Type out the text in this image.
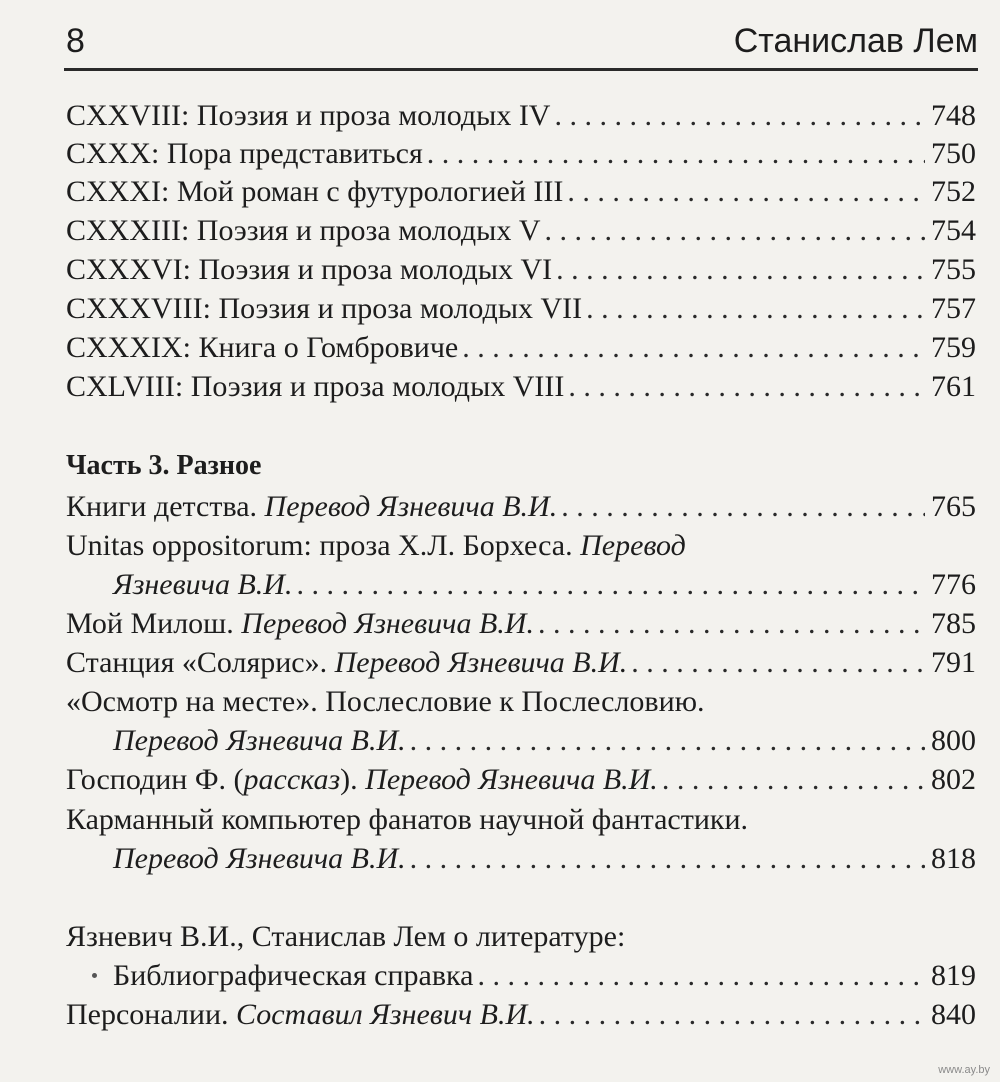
8	Станислав Лем
CXXVIII: Поэзия и проза молодых IV . . .	748
CXXX: Пора представиться . . .	750
CXXXI: Мой роман с футурологией III . . .	752
CXXXIII: Поэзия и проза молодых V . . .	754
CXXXVI: Поэзия и проза молодых VI . . .	755
CXXXVIII: Поэзия и проза молодых VII . . .	757
CXXXIX: Книга о Гомбровиче . . .	759
CXLVIII: Поэзия и проза молодых VIII . . .	761
Часть 3. Разное
Книги детства. Перевод Язневича В.И. . . .	765
Unitas oppositorum: проза Х.Л. Борхеса. Перевод
Язневича В.И. . . .	776
Мой Милош. Перевод Язневича В.И. . . .	785
Станция «Солярис». Перевод Язневича В.И. . . .	791
«Осмотр на месте». Послесловие к Послесловию.
Перевод Язневича В.И. . . .	800
Господин Ф. (рассказ). Перевод Язневича В.И. . . .	802
Карманный компьютер фанатов научной фантастики.
Перевод Язневича В.И. . . .	818
Язневич В.И., Станислав Лем о литературе:
Библиографическая справка . . .	819
Персоналии. Составил Язневич В.И. . . .	840
www.ay.by
